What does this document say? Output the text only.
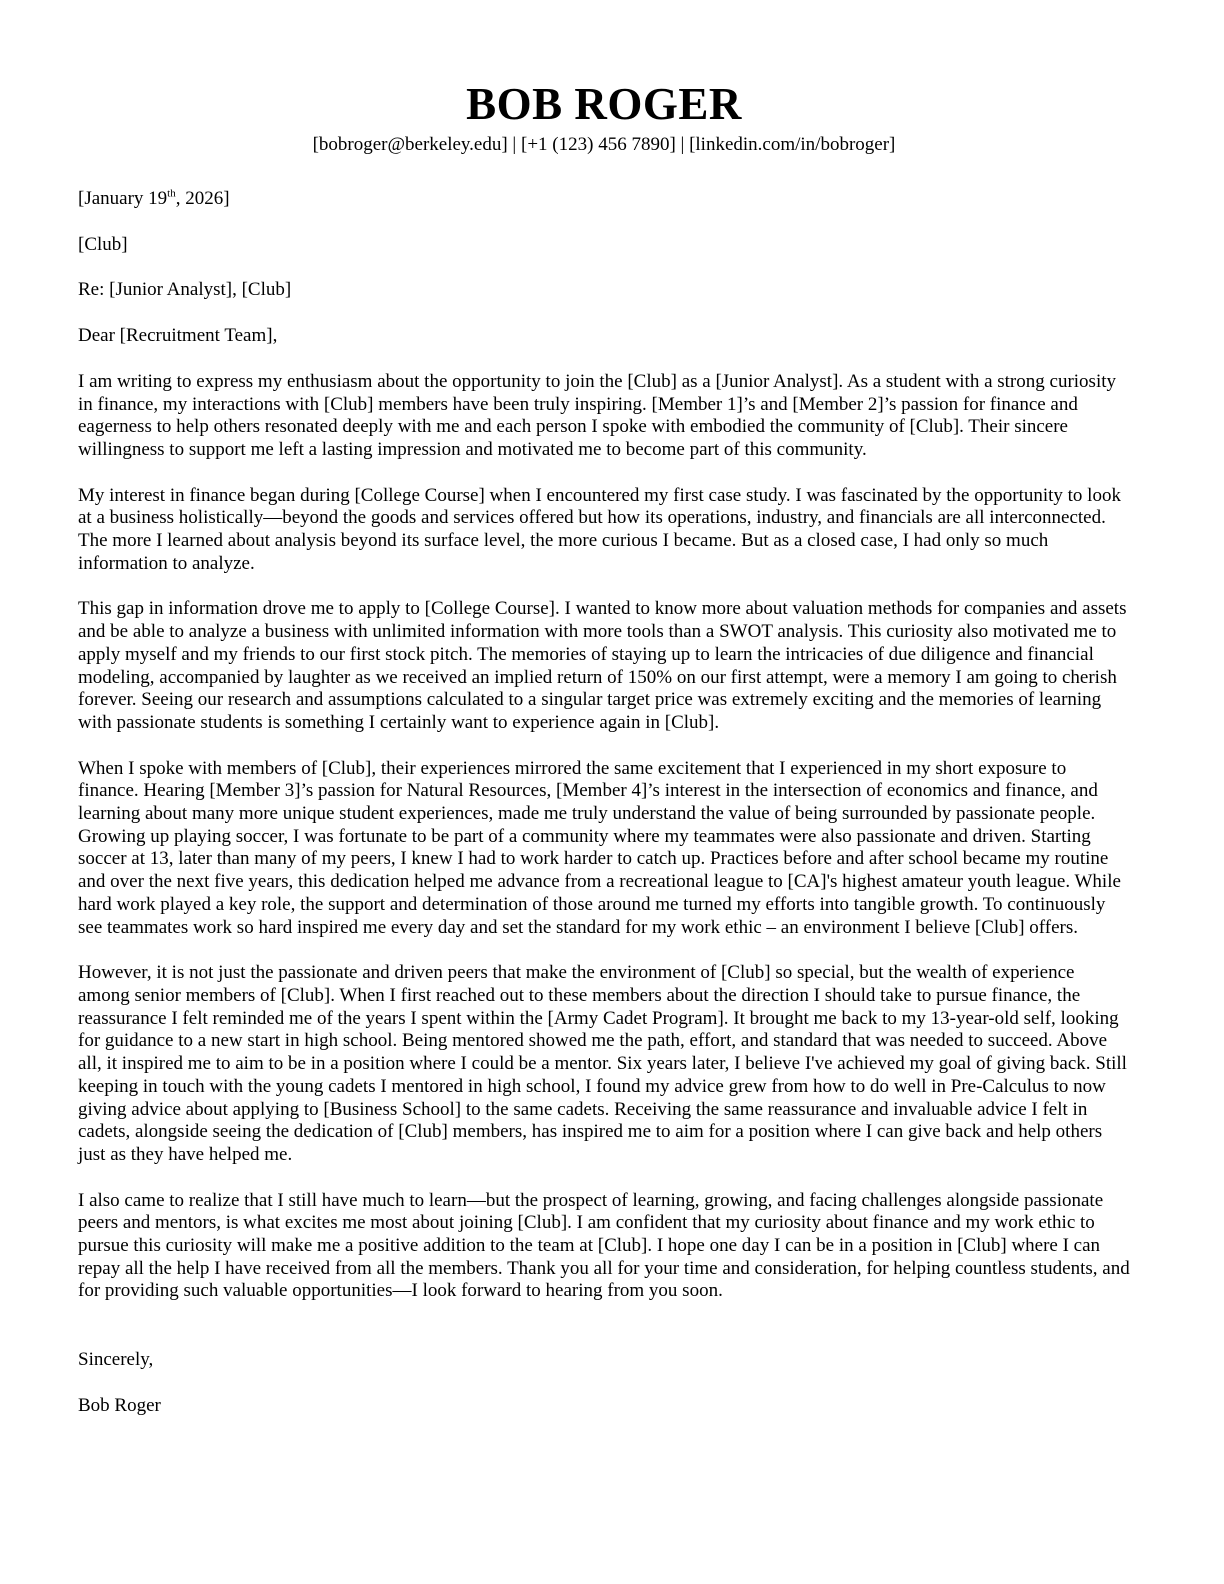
BOB ROGER
[bobroger@berkeley.edu] | [+1 (123) 456 7890] | [linkedin.com/in/bobroger]
[January 19th, 2026]
[Club]
Re: [Junior Analyst], [Club]
Dear [Recruitment Team],
I am writing to express my enthusiasm about the opportunity to join the [Club] as a [Junior Analyst]. As a student with a strong curiosity in finance, my interactions with [Club] members have been truly inspiring. [Member 1]’s and [Member 2]’s passion for finance and eagerness to help others resonated deeply with me and each person I spoke with embodied the community of [Club]. Their sincere willingness to support me left a lasting impression and motivated me to become part of this community.
My interest in finance began during [College Course] when I encountered my first case study. I was fascinated by the opportunity to look at a business holistically—beyond the goods and services offered but how its operations, industry, and financials are all interconnected. The more I learned about analysis beyond its surface level, the more curious I became. But as a closed case, I had only so much information to analyze.
This gap in information drove me to apply to [College Course]. I wanted to know more about valuation methods for companies and assets and be able to analyze a business with unlimited information with more tools than a SWOT analysis. This curiosity also motivated me to apply myself and my friends to our first stock pitch. The memories of staying up to learn the intricacies of due diligence and financial modeling, accompanied by laughter as we received an implied return of 150% on our first attempt, were a memory I am going to cherish forever. Seeing our research and assumptions calculated to a singular target price was extremely exciting and the memories of learning with passionate students is something I certainly want to experience again in [Club].
When I spoke with members of [Club], their experiences mirrored the same excitement that I experienced in my short exposure to finance. Hearing [Member 3]’s passion for Natural Resources, [Member 4]’s interest in the intersection of economics and finance, and learning about many more unique student experiences, made me truly understand the value of being surrounded by passionate people. Growing up playing soccer, I was fortunate to be part of a community where my teammates were also passionate and driven. Starting soccer at 13, later than many of my peers, I knew I had to work harder to catch up. Practices before and after school became my routine and over the next five years, this dedication helped me advance from a recreational league to [CA]'s highest amateur youth league. While hard work played a key role, the support and determination of those around me turned my efforts into tangible growth. To continuously see teammates work so hard inspired me every day and set the standard for my work ethic – an environment I believe [Club] offers.
However, it is not just the passionate and driven peers that make the environment of [Club] so special, but the wealth of experience among senior members of [Club]. When I first reached out to these members about the direction I should take to pursue finance, the reassurance I felt reminded me of the years I spent within the [Army Cadet Program]. It brought me back to my 13-year-old self, looking for guidance to a new start in high school. Being mentored showed me the path, effort, and standard that was needed to succeed. Above all, it inspired me to aim to be in a position where I could be a mentor. Six years later, I believe I've achieved my goal of giving back. Still keeping in touch with the young cadets I mentored in high school, I found my advice grew from how to do well in Pre-Calculus to now giving advice about applying to [Business School] to the same cadets. Receiving the same reassurance and invaluable advice I felt in cadets, alongside seeing the dedication of [Club] members, has inspired me to aim for a position where I can give back and help others just as they have helped me.
I also came to realize that I still have much to learn—but the prospect of learning, growing, and facing challenges alongside passionate peers and mentors, is what excites me most about joining [Club]. I am confident that my curiosity about finance and my work ethic to pursue this curiosity will make me a positive addition to the team at [Club]. I hope one day I can be in a position in [Club] where I can repay all the help I have received from all the members. Thank you all for your time and consideration, for helping countless students, and for providing such valuable opportunities—I look forward to hearing from you soon.
Sincerely,
Bob Roger
